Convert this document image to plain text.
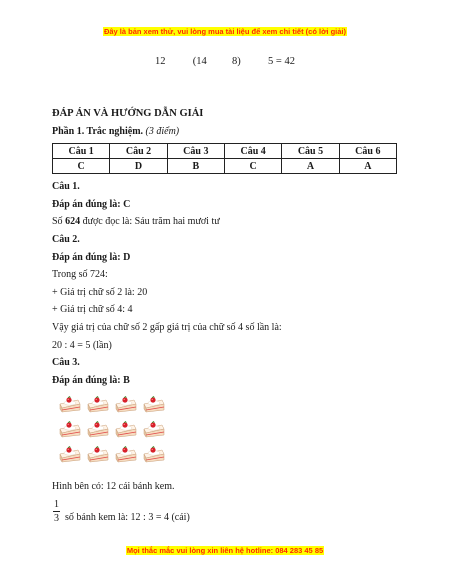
Đây là bản xem thử, vui lòng mua tài liệu để xem chi tiết (có lời giải)
12	(14 8)	5 = 42
ĐÁP ÁN VÀ HƯỚNG DẪN GIẢI
Phần 1. Trắc nghiệm. (3 điểm)
Câu 1	Câu 2	Câu 3	Câu 4	Câu 5	Câu 6
C	D	B	C	A	A
Câu 1.
Đáp án đúng là: C
Số 624 được đọc là: Sáu trăm hai mươi tư
Câu 2.
Đáp án đúng là: D
Trong số 724:
+ Giá trị chữ số 2 là: 20
+ Giá trị chữ số 4: 4
Vậy giá trị của chữ số 2 gấp giá trị của chữ số 4 số lần là:
20 : 4 = 5 (lần)
Câu 3.
Đáp án đúng là: B
Hình bên có: 12 cái bánh kem.
1
3 số bánh kem là: 12 : 3 = 4 (cái)
Mọi thắc mắc vui lòng xin liên hệ hotline: 084 283 45 85
